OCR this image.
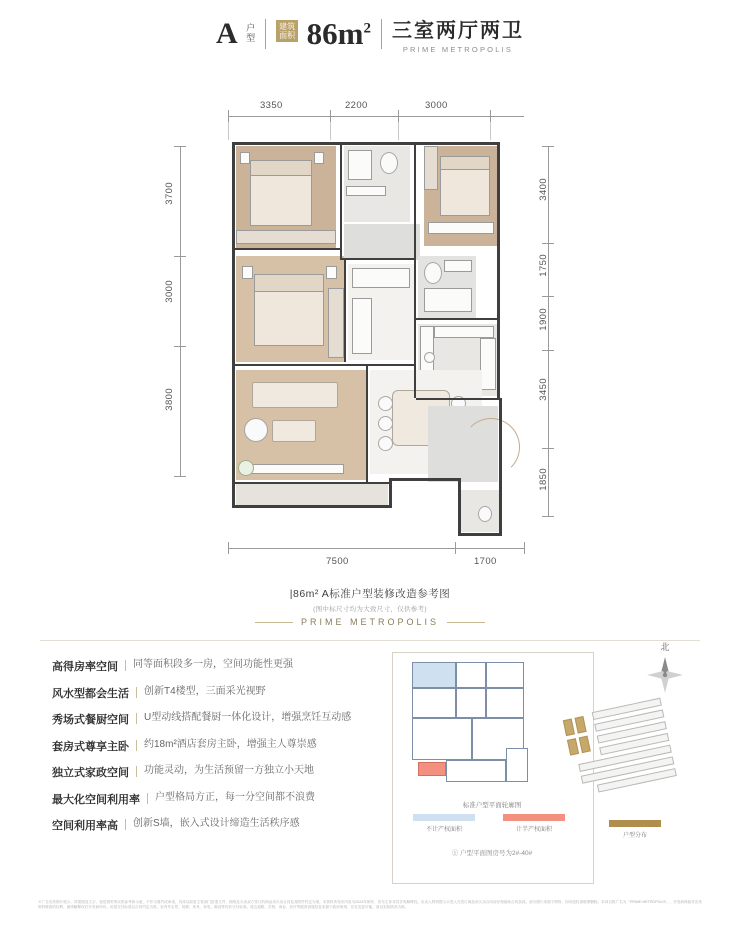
A 户
型
建筑
面积 $86m^2$ 三室两厅两卫
PRIME METROPOLIS
3350	2200	3000
3700
3000
3800
3400
1750
1900
3450
1850
7500	1700
|86m² A标准户型装修改造参考图
(图中标尺寸均为大致尺寸，仅供参考)
PRIME METROPOLIS
高得房率空间 同等面积段多一房，空间功能性更强
风水型都会生活 创新T4楼型，三面采光视野
秀场式餐厨空间 U型动线搭配餐厨一体化设计，增强烹饪互动感
套房式尊享主卧 约18m²酒店套房主卧，增强主人尊崇感
独立式家政空间 功能灵动，为生活预留一方独立小天地
最大化空间利用率 户型格局方正，每一分空间都不浪费
空间利用率高 创新S墙，嵌入式设计缔造生活秩序感
标准户型平面轮廓图
不计产权面积	计半产权面积
① 户型平面图房号为2#-40#
北
户型分布
※广告宣传图片展示、效果图及文字、视觉资料等仅供参考和示意，不作为要约或承诺，具体以政府主管部门批准文件、图纸及买卖双方签订的商品房买卖合同及其附件约定为准。本资料所发布内容为2024年制作，发布主体对其享有解释权。出卖人特别提示买受人在签订商品房买卖合同前仔细阅读合同条款。部分图片来源于网络，如有侵权请联系删除。本项目推广名为「PRIME METROPOLIS」，开发商保留对宣传资料修改的权利，最终解释权归开发商所有。房屋交付标准以合同约定为准，室内外实景、装修、家具、家电、陈设等均非交付标准。周边道路、学校、商业、医疗等配套设施信息来源于政府规划，存在变更可能，请以实际情况为准。
